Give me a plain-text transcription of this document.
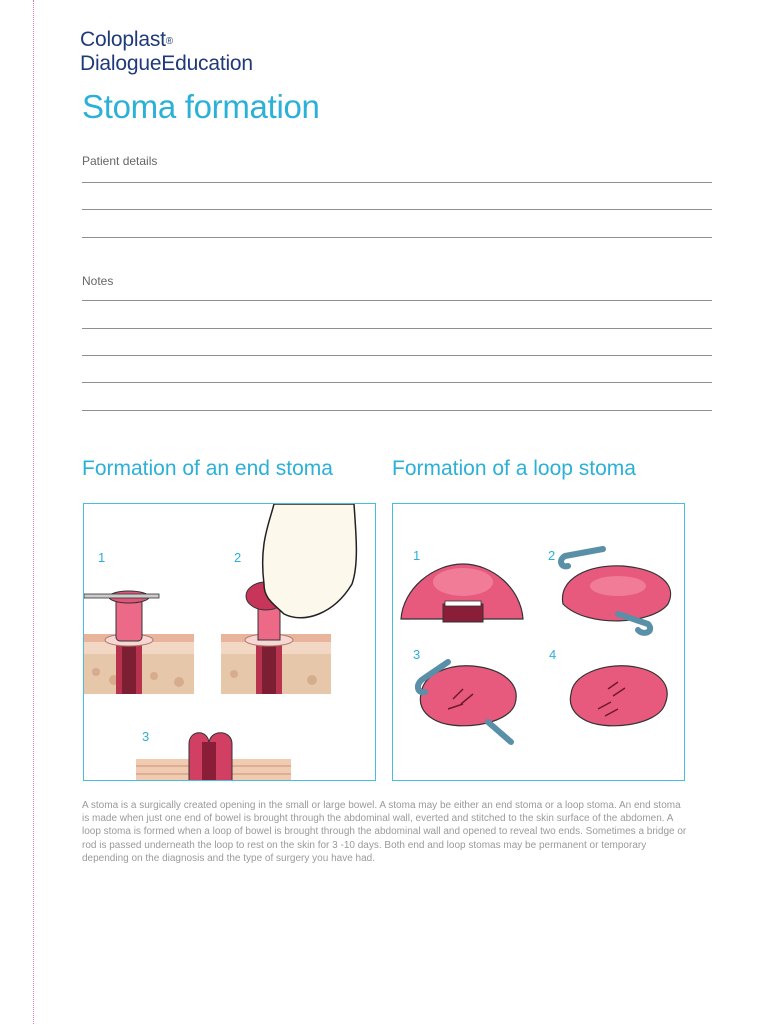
Coloplast®
DialogueEducation
Stoma formation
Patient details
Notes
Formation of an end stoma	Formation of a loop stoma
1	2
3
1	2
3	4

A stoma is a surgically created opening in the small or large bowel. A stoma may be either an end stoma or a loop stoma. An end stoma is made when just one end of bowel is brought through the abdominal wall, everted and stitched to the skin surface of the abdomen. A loop stoma is formed when a loop of bowel is brought through the abdominal wall and opened to reveal two ends. Sometimes a bridge or rod is passed underneath the loop to rest on the skin for 3 -10 days. Both end and loop stomas may be permanent or temporary depending on the diagnosis and the type of surgery you have had.
